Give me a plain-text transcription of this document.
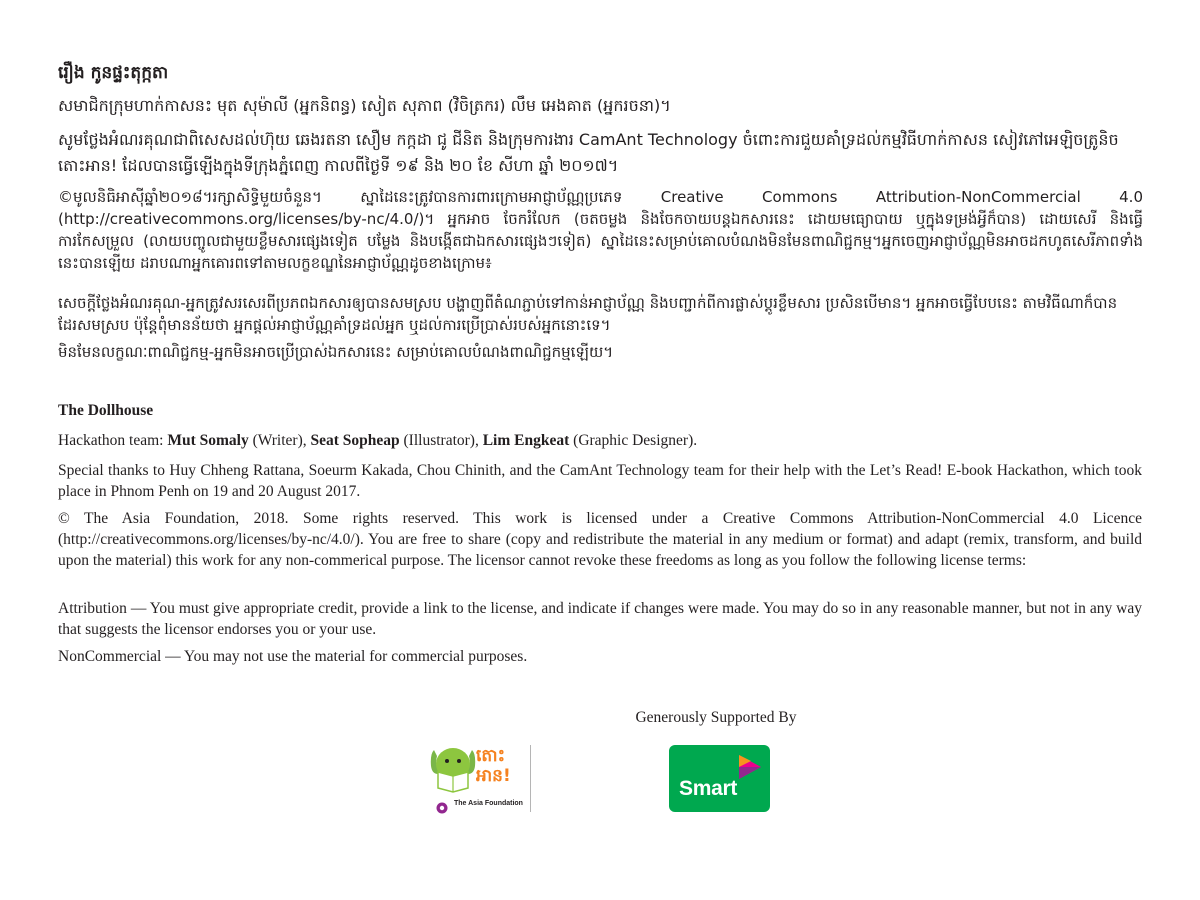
រឿង កូនផ្ទះតុក្កតា
សមាជិកក្រុមហាក់កាសនះ មុត សុម៉ាលី (អ្នកនិពន្ធ) សៀត សុភាព (វិចិត្រករ) លឹម អេងគាត (អ្នករចនា)។
សូមថ្លែងអំណរគុណជាពិសេសដល់ហ៊ុយ ឆេងរតនា សឿម កក្កដា ជូ ជីនិត និងក្រុមការងារ CamAnt Technology ចំពោះការជួយគាំទ្រដល់កម្មវិធីហាក់កាសន សៀវភៅអេឡិចត្រូនិច តោះអាន! ដែលបានធ្វើឡើងក្នុងទីក្រុងភ្នំពេញ កាលពីថ្ងៃទី ១៩ និង ២០ ខែ សីហា ឆ្នាំ ២០១៧។
©មូលនិធិអាស៊ីឆ្នាំ២០១៨។រក្សាសិទ្ធិមួយចំនួន។ ស្នាដៃនេះត្រូវបានការពារក្រោមអាជ្ញាប័ណ្ណប្រភេទ Creative Commons Attribution-NonCommercial 4.0 (http://creativecommons.org/licenses/by-nc/4.0/)។ អ្នកអាច ចែករំលែក (ចតចម្លង និងចែកចាយបន្តឯកសារនេះ ដោយមធ្យោបាយ ឬក្នុងទម្រង់អ្វីក៏បាន) ដោយសេរី និងធ្វើការកែសម្រួល (លាយបញ្ចូលជាមួយខ្លឹមសារផ្សេងទៀត បម្លែង និងបង្កើតជាឯកសារផ្សេងៗទៀត) ស្នាដៃនេះសម្រាប់គោលបំណងមិនមែនពាណិជ្ជកម្ម។អ្នកចេញអាជ្ញាប័ណ្ណមិនអាចដកហូតសេរីភាពទាំងនេះបានឡើយ ដរាបណាអ្នកគោរពទៅតាមលក្ខខណ្ឌនៃអាជ្ញាប័ណ្ណដូចខាងក្រោម៖
សេចក្តីថ្លែងអំណរគុណ-អ្នកត្រូវសរសេរពីប្រភពឯកសារឲ្យបានសមស្រប បង្ហាញពីតំណភ្ជាប់ទៅកាន់អាជ្ញាប័ណ្ណ និងបញ្ជាក់ពីការផ្លាស់ប្តូរខ្លឹមសារ ប្រសិនបើមាន។ អ្នកអាចធ្វើបែបនេះ តាមវិធីណាក៏បានដែរសមស្រប ប៉ុន្តែពុំមានន័យថា អ្នកផ្តល់អាជ្ញាប័ណ្ណគាំទ្រដល់អ្នក ឬដល់ការប្រើប្រាស់របស់អ្នកនោះទេ។
មិនមែនលក្ខណៈពាណិជ្ជកម្ម-អ្នកមិនអាចប្រើប្រាស់ឯកសារនេះ សម្រាប់គោលបំណងពាណិជ្ជកម្មឡើយ។
The Dollhouse
Hackathon team: Mut Somaly (Writer), Seat Sopheap (Illustrator), Lim Engkeat (Graphic Designer).
Special thanks to Huy Chheng Rattana, Soeurm Kakada, Chou Chinith, and the CamAnt Technology team for their help with the Let’s Read! E-book Hackathon, which took place in Phnom Penh on 19 and 20 August 2017.
© The Asia Foundation, 2018. Some rights reserved. This work is licensed under a Creative Commons Attribution-NonCommercial 4.0 Licence (http://creativecommons.org/licenses/by-nc/4.0/). You are free to share (copy and redistribute the material in any medium or format) and adapt (remix, transform, and build upon the material) this work for any non-commerical purpose. The licensor cannot revoke these freedoms as long as you follow the following license terms:
Attribution — You must give appropriate credit, provide a link to the license, and indicate if changes were made. You may do so in any reasonable manner, but not in any way that suggests the licensor endorses you or your use.
NonCommercial — You may not use the material for commercial purposes.
Generously Supported By
តោះ អាន!
The Asia Foundation
Smart
